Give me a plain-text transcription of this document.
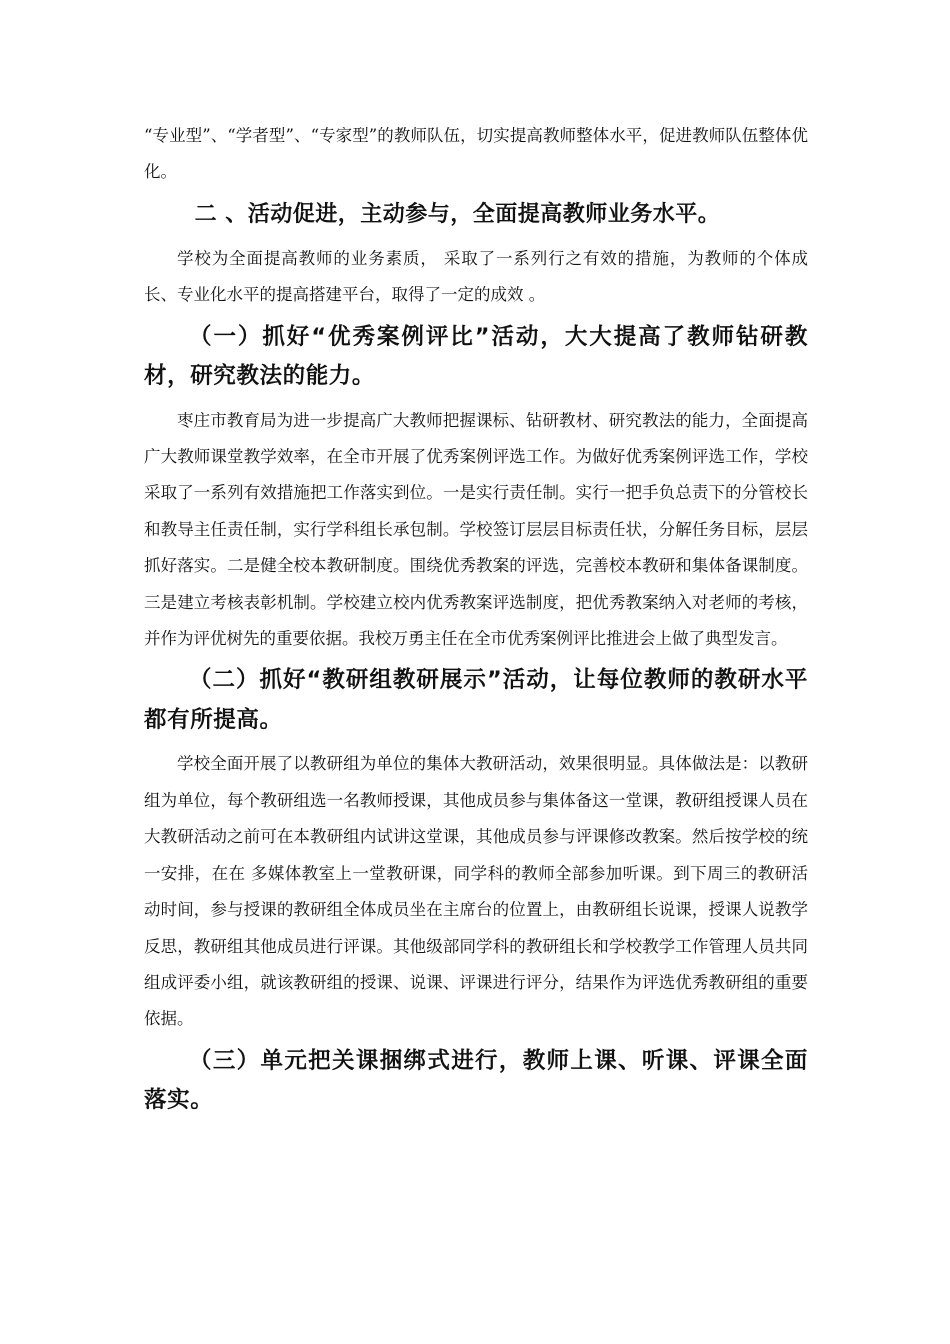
“专业型”、“学者型”、“专家型”的教师队伍，切实提高教师整体水平，促进教师队伍整体优化。

二 、活动促进，主动参与，全面提高教师业务水平。

学校为全面提高教师的业务素质， 采取了一系列行之有效的措施，为教师的个体成长、专业化水平的提高搭建平台，取得了一定的成效 。

（一）抓好“优秀案例评比”活动，大大提高了教师钻研教材，研究教法的能力。

枣庄市教育局为进一步提高广大教师把握课标、钻研教材、研究教法的能力，全面提高广大教师课堂教学效率，在全市开展了优秀案例评选工作。为做好优秀案例评选工作，学校采取了一系列有效措施把工作落实到位。一是实行责任制。实行一把手负总责下的分管校长和教导主任责任制，实行学科组长承包制。学校签订层层目标责任状，分解任务目标，层层抓好落实。二是健全校本教研制度。围绕优秀教案的评选，完善校本教研和集体备课制度。三是建立考核表彰机制。学校建立校内优秀教案评选制度，把优秀教案纳入对老师的考核，并作为评优树先的重要依据。我校万勇主任在全市优秀案例评比推进会上做了典型发言。

（二）抓好“教研组教研展示”活动，让每位教师的教研水平都有所提高。

学校全面开展了以教研组为单位的集体大教研活动，效果很明显。具体做法是：以教研组为单位，每个教研组选一名教师授课，其他成员参与集体备这一堂课，教研组授课人员在大教研活动之前可在本教研组内试讲这堂课，其他成员参与评课修改教案。然后按学校的统一安排，在在 多媒体教室上一堂教研课，同学科的教师全部参加听课。到下周三的教研活动时间，参与授课的教研组全体成员坐在主席台的位置上，由教研组长说课，授课人说教学反思，教研组其他成员进行评课。其他级部同学科的教研组长和学校教学工作管理人员共同组成评委小组，就该教研组的授课、说课、评课进行评分，结果作为评选优秀教研组的重要依据。

（三）单元把关课捆绑式进行，教师上课、听课、评课全面落实。
